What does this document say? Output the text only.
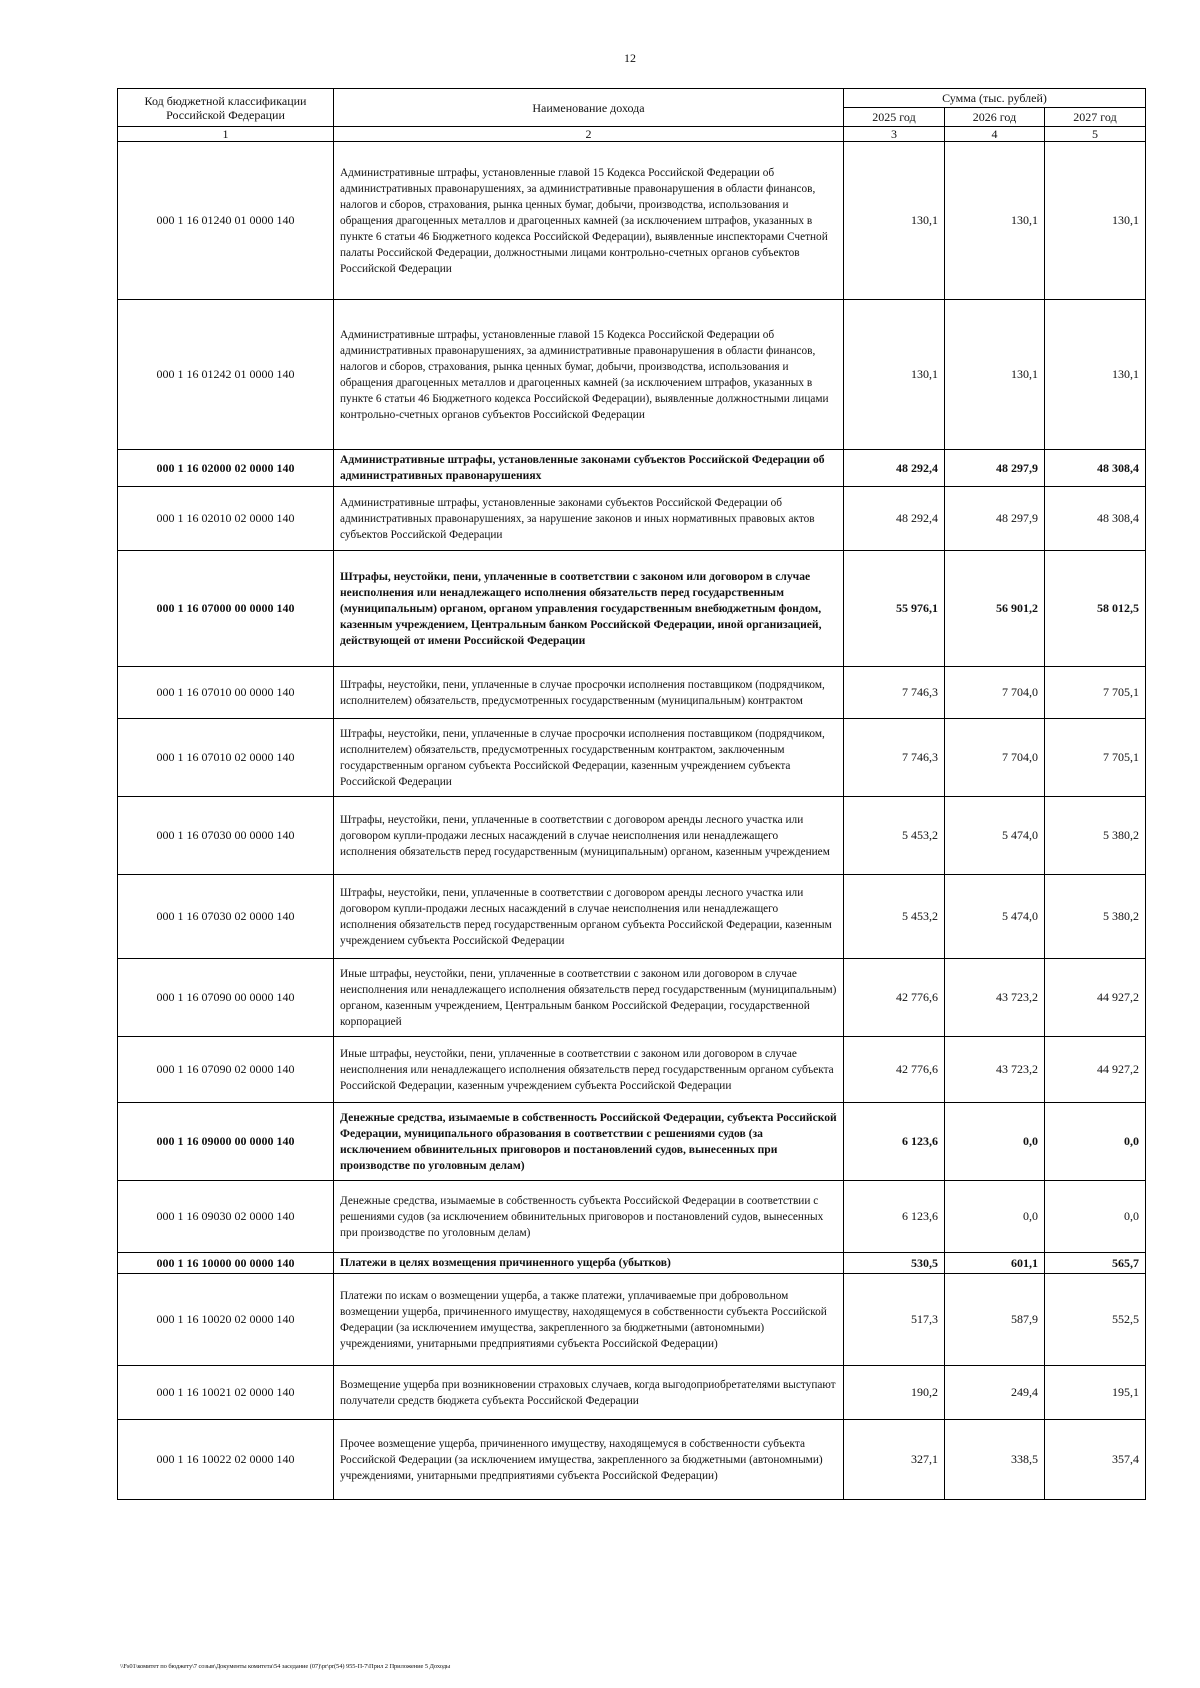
12
Код бюджетной классификации Российской Федерации	Наименование дохода	Сумма (тыс. рублей)		
		2025 год	2026 год	2027 год
1	2	3	4	5
000 1 16 01240 01 0000 140	Административные штрафы, установленные главой 15 Кодекса Российской Федерации об административных правонарушениях, за административные правонарушения в области финансов, налогов и сборов, страхования, рынка ценных бумаг, добычи, производства, использования и обращения драгоценных металлов и драгоценных камней (за исключением штрафов, указанных в пункте 6 статьи 46 Бюджетного кодекса Российской Федерации), выявленные инспекторами Счетной палаты Российской Федерации, должностными лицами контрольно-счетных органов субъектов Российской Федерации	130,1	130,1	130,1
000 1 16 01242 01 0000 140	Административные штрафы, установленные главой 15 Кодекса Российской Федерации об административных правонарушениях, за административные правонарушения в области финансов, налогов и сборов, страхования, рынка ценных бумаг, добычи, производства, использования и обращения драгоценных металлов и драгоценных камней (за исключением штрафов, указанных в пункте 6 статьи 46 Бюджетного кодекса Российской Федерации), выявленные должностными лицами контрольно-счетных органов субъектов Российской Федерации	130,1	130,1	130,1
000 1 16 02000 02 0000 140	Административные штрафы, установленные законами субъектов Российской Федерации об административных правонарушениях	48 292,4	48 297,9	48 308,4
000 1 16 02010 02 0000 140	Административные штрафы, установленные законами субъектов Российской Федерации об административных правонарушениях, за нарушение законов и иных нормативных правовых актов субъектов Российской Федерации	48 292,4	48 297,9	48 308,4
000 1 16 07000 00 0000 140	Штрафы, неустойки, пени, уплаченные в соответствии с законом или договором в случае неисполнения или ненадлежащего исполнения обязательств перед государственным (муниципальным) органом, органом управления государственным внебюджетным фондом, казенным учреждением, Центральным банком Российской Федерации, иной организацией, действующей от имени Российской Федерации	55 976,1	56 901,2	58 012,5
000 1 16 07010 00 0000 140	Штрафы, неустойки, пени, уплаченные в случае просрочки исполнения поставщиком (подрядчиком, исполнителем) обязательств, предусмотренных государственным (муниципальным) контрактом	7 746,3	7 704,0	7 705,1
000 1 16 07010 02 0000 140	Штрафы, неустойки, пени, уплаченные в случае просрочки исполнения поставщиком (подрядчиком, исполнителем) обязательств, предусмотренных государственным контрактом, заключенным государственным органом субъекта Российской Федерации, казенным учреждением субъекта Российской Федерации	7 746,3	7 704,0	7 705,1
000 1 16 07030 00 0000 140	Штрафы, неустойки, пени, уплаченные в соответствии с договором аренды лесного участка или договором купли-продажи лесных насаждений в случае неисполнения или ненадлежащего исполнения обязательств перед государственным (муниципальным) органом, казенным учреждением	5 453,2	5 474,0	5 380,2
000 1 16 07030 02 0000 140	Штрафы, неустойки, пени, уплаченные в соответствии с договором аренды лесного участка или договором купли-продажи лесных насаждений в случае неисполнения или ненадлежащего исполнения обязательств перед государственным органом субъекта Российской Федерации, казенным учреждением субъекта Российской Федерации	5 453,2	5 474,0	5 380,2
000 1 16 07090 00 0000 140	Иные штрафы, неустойки, пени, уплаченные в соответствии с законом или договором в случае неисполнения или ненадлежащего исполнения обязательств перед государственным (муниципальным) органом, казенным учреждением, Центральным банком Российской Федерации, государственной корпорацией	42 776,6	43 723,2	44 927,2
000 1 16 07090 02 0000 140	Иные штрафы, неустойки, пени, уплаченные в соответствии с законом или договором в случае неисполнения или ненадлежащего исполнения обязательств перед государственным органом субъекта Российской Федерации, казенным учреждением субъекта Российской Федерации	42 776,6	43 723,2	44 927,2
000 1 16 09000 00 0000 140	Денежные средства, изымаемые в собственность Российской Федерации, субъекта Российской Федерации, муниципального образования в соответствии с решениями судов (за исключением обвинительных приговоров и постановлений судов, вынесенных при производстве по уголовным делам)	6 123,6	0,0	0,0
000 1 16 09030 02 0000 140	Денежные средства, изымаемые в собственность субъекта Российской Федерации в соответствии с решениями судов (за исключением обвинительных приговоров и постановлений судов, вынесенных при производстве по уголовным делам)	6 123,6	0,0	0,0
000 1 16 10000 00 0000 140	Платежи в целях возмещения причиненного ущерба (убытков)	530,5	601,1	565,7
000 1 16 10020 02 0000 140	Платежи по искам о возмещении ущерба, а также платежи, уплачиваемые при добровольном возмещении ущерба, причиненного имуществу, находящемуся в собственности субъекта Российской Федерации (за исключением имущества, закрепленного за бюджетными (автономными) учреждениями, унитарными предприятиями субъекта Российской Федерации)	517,3	587,9	552,5
000 1 16 10021 02 0000 140	Возмещение ущерба при возникновении страховых случаев, когда выгодоприобретателями выступают получатели средств бюджета субъекта Российской Федерации	190,2	249,4	195,1
000 1 16 10022 02 0000 140	Прочее возмещение ущерба, причиненного имуществу, находящемуся в собственности субъекта Российской Федерации (за исключением имущества, закрепленного за бюджетными (автономными) учреждениями, унитарными предприятиями субъекта Российской Федерации)	327,1	338,5	357,4
\\Fs01\комитет по бюджету\7 созыв\Документы комитета\54 заседание (07)\pr\pr(54) 955-П-7\Прил 2 Приложение 5 Доходы
